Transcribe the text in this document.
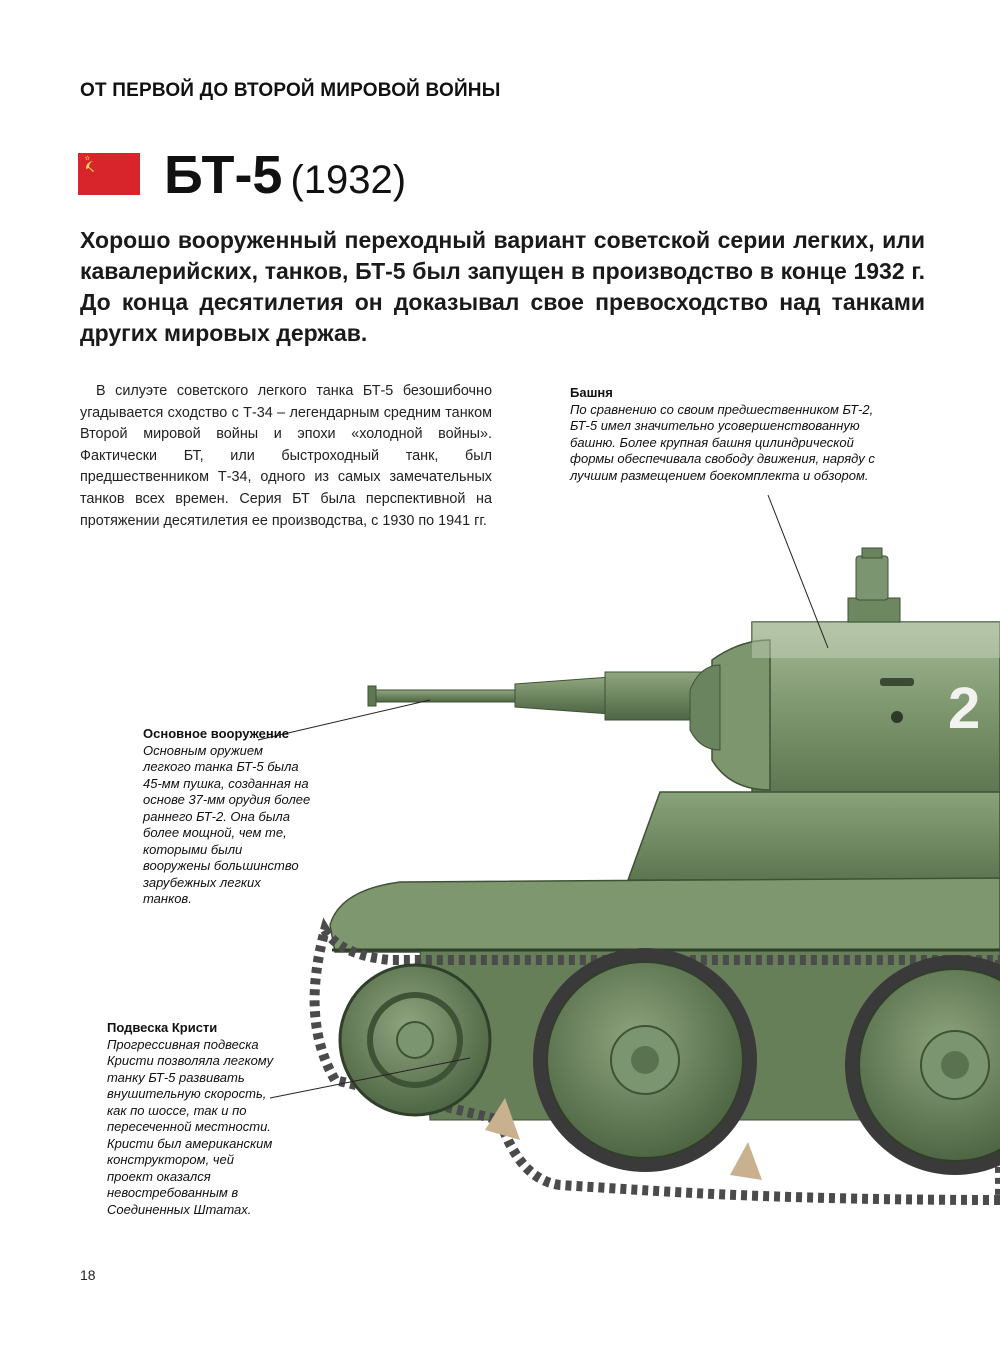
2
ОТ ПЕРВОЙ ДО ВТОРОЙ МИРОВОЙ ВОЙНЫ
БТ-5 (1932)
Хорошо вооруженный переходный вариант советской серии легких, или кавалерийских, танков, БТ-5 был запущен в производство в конце 1932 г. До конца десятилетия он доказывал свое превосходство над танками других мировых держав.
В силуэте советского легкого танка БТ-5 безошибочно угадывается сходство с Т-34 – легендарным средним танком Второй мировой войны и эпохи «холодной войны». Фактически БТ, или быстроходный танк, был предшественником Т-34, одного из самых замечательных танков всех времен. Серия БТ была перспективной на протяжении десятилетия ее производства, с 1930 по 1941 гг.
Башня
По сравнению со своим предшественником БТ-2, БТ-5 имел значительно усовершенствованную башню. Более крупная башня цилиндрической формы обеспечивала свободу движения, наряду с лучшим размещением боекомплекта и обзором.
Основное вооружение
Основным оружием легкого танка БТ-5 была 45-мм пушка, созданная на основе 37-мм орудия более раннего БТ-2. Она была более мощной, чем те, которыми были вооружены большинство зарубежных легких танков.
Подвеска Кристи
Прогрессивная подвеска Кристи позволяла легкому танку БТ-5 развивать внушительную скорость, как по шоссе, так и по пересеченной местности. Кристи был американским конструктором, чей проект оказался невостребованным в Соединенных Штатах.
18
